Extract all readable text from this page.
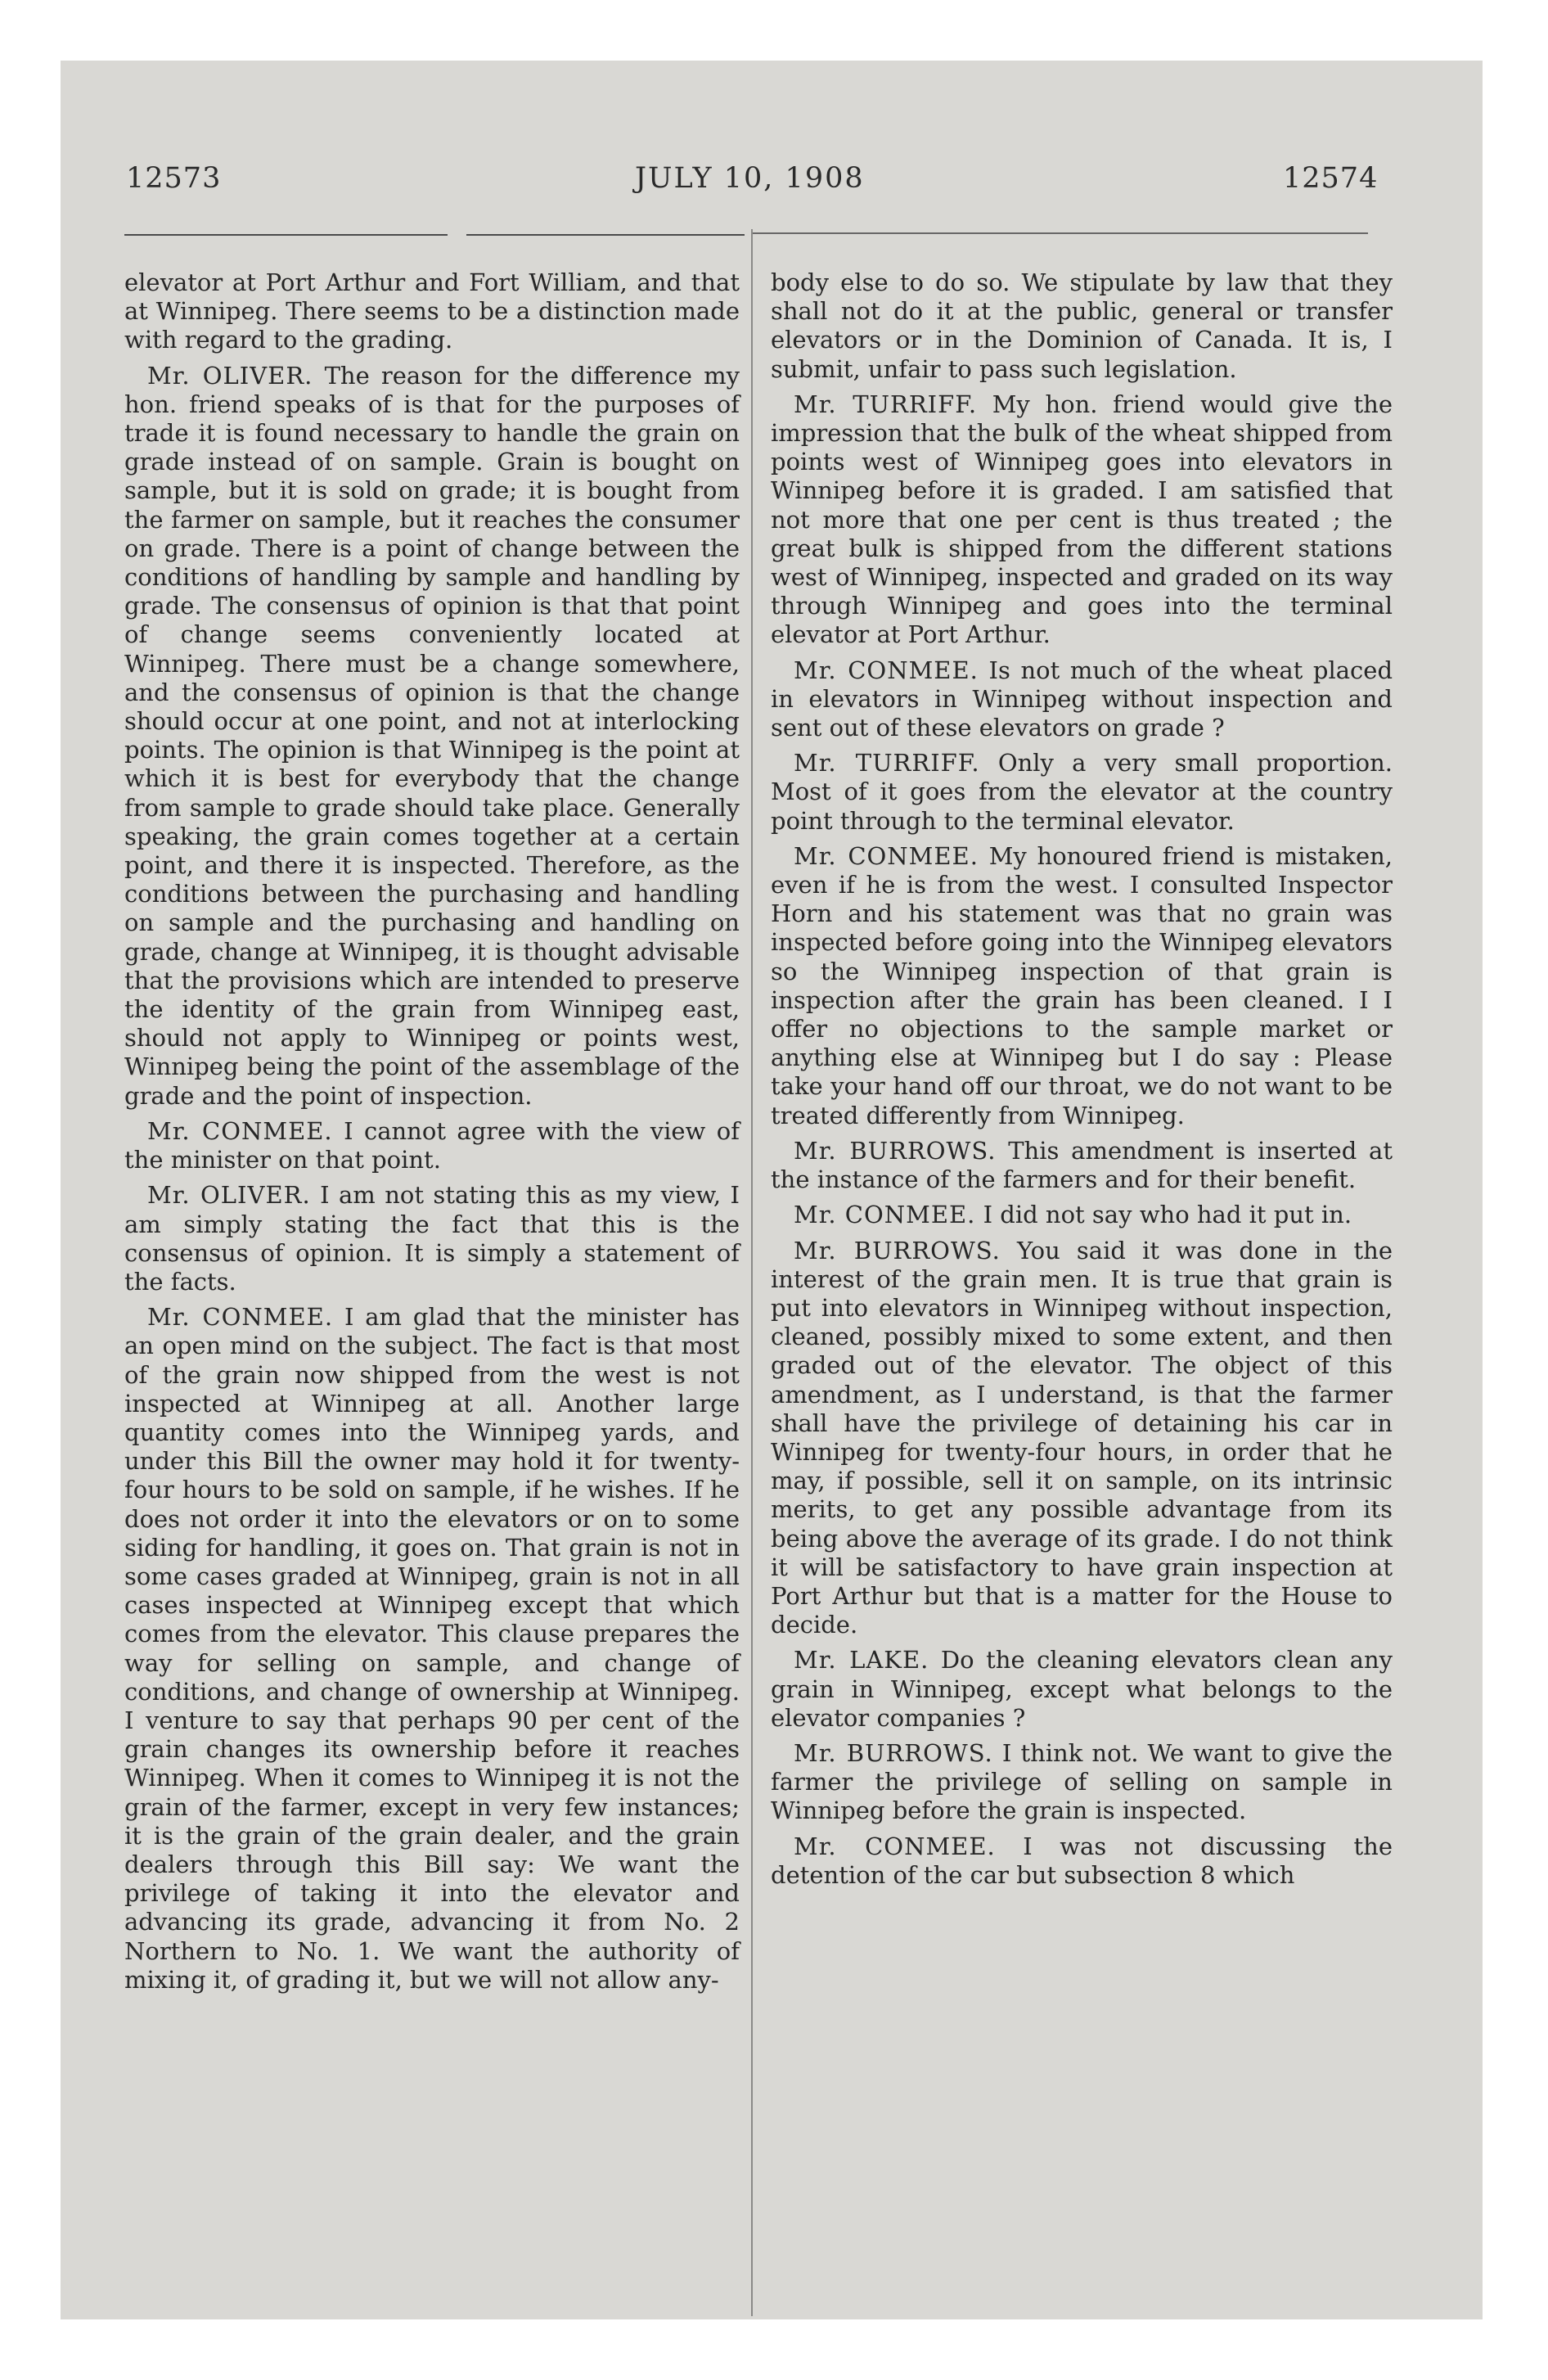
12573	JULY 10, 1908	12574

elevator at Port Arthur and Fort William, and that at Winnipeg. There seems to be a distinction made with regard to the grading.

Mr. OLIVER. The reason for the difference my hon. friend speaks of is that for the purposes of trade it is found necessary to handle the grain on grade instead of on sample. Grain is bought on sample, but it is sold on grade; it is bought from the farmer on sample, but it reaches the consumer on grade. There is a point of change between the conditions of handling by sample and handling by grade. The consensus of opinion is that that point of change seems conveniently located at Winnipeg. There must be a change somewhere, and the consensus of opinion is that the change should occur at one point, and not at interlocking points. The opinion is that Winnipeg is the point at which it is best for everybody that the change from sample to grade should take place. Generally speaking, the grain comes together at a certain point, and there it is inspected. Therefore, as the conditions between the purchasing and handling on sample and the purchasing and handling on grade, change at Winnipeg, it is thought advisable that the provisions which are intended to preserve the identity of the grain from Winnipeg east, should not apply to Winnipeg or points west, Winnipeg being the point of the assemblage of the grade and the point of inspection.

Mr. CONMEE. I cannot agree with the view of the minister on that point.

Mr. OLIVER. I am not stating this as my view, I am simply stating the fact that this is the consensus of opinion. It is simply a statement of the facts.

Mr. CONMEE. I am glad that the minister has an open mind on the subject. The fact is that most of the grain now shipped from the west is not inspected at Winnipeg at all. Another large quantity comes into the Winnipeg yards, and under this Bill the owner may hold it for twenty-four hours to be sold on sample, if he wishes. If he does not order it into the elevators or on to some siding for handling, it goes on. That grain is not in some cases graded at Winnipeg, grain is not in all cases inspected at Winnipeg except that which comes from the elevator. This clause prepares the way for selling on sample, and change of conditions, and change of ownership at Winnipeg. I venture to say that perhaps 90 per cent of the grain changes its ownership before it reaches Winnipeg. When it comes to Winnipeg it is not the grain of the farmer, except in very few instances; it is the grain of the grain dealer, and the grain dealers through this Bill say: We want the privilege of taking it into the elevator and advancing its grade, advancing it from No. 2 Northern to No. 1. We want the authority of mixing it, of grading it, but we will not allow any-

body else to do so. We stipulate by law that they shall not do it at the public, general or transfer elevators or in the Dominion of Canada. It is, I submit, unfair to pass such legislation.

Mr. TURRIFF. My hon. friend would give the impression that the bulk of the wheat shipped from points west of Winnipeg goes into elevators in Winnipeg before it is graded. I am satisfied that not more that one per cent is thus treated ; the great bulk is shipped from the different stations west of Winnipeg, inspected and graded on its way through Winnipeg and goes into the terminal elevator at Port Arthur.

Mr. CONMEE. Is not much of the wheat placed in elevators in Winnipeg without inspection and sent out of these elevators on grade ?

Mr. TURRIFF. Only a very small proportion. Most of it goes from the elevator at the country point through to the terminal elevator.

Mr. CONMEE. My honoured friend is mistaken, even if he is from the west. I consulted Inspector Horn and his statement was that no grain was inspected before going into the Winnipeg elevators so the Winnipeg inspection of that grain is inspection after the grain has been cleaned. I I offer no objections to the sample market or anything else at Winnipeg but I do say : Please take your hand off our throat, we do not want to be treated differently from Winnipeg.

Mr. BURROWS. This amendment is inserted at the instance of the farmers and for their benefit.

Mr. CONMEE. I did not say who had it put in.

Mr. BURROWS. You said it was done in the interest of the grain men. It is true that grain is put into elevators in Winnipeg without inspection, cleaned, possibly mixed to some extent, and then graded out of the elevator. The object of this amendment, as I understand, is that the farmer shall have the privilege of detaining his car in Winnipeg for twenty-four hours, in order that he may, if possible, sell it on sample, on its intrinsic merits, to get any possible advantage from its being above the average of its grade. I do not think it will be satisfactory to have grain inspection at Port Arthur but that is a matter for the House to decide.

Mr. LAKE. Do the cleaning elevators clean any grain in Winnipeg, except what belongs to the elevator companies ?

Mr. BURROWS. I think not. We want to give the farmer the privilege of selling on sample in Winnipeg before the grain is inspected.

Mr. CONMEE. I was not discussing the detention of the car but subsection 8 which
